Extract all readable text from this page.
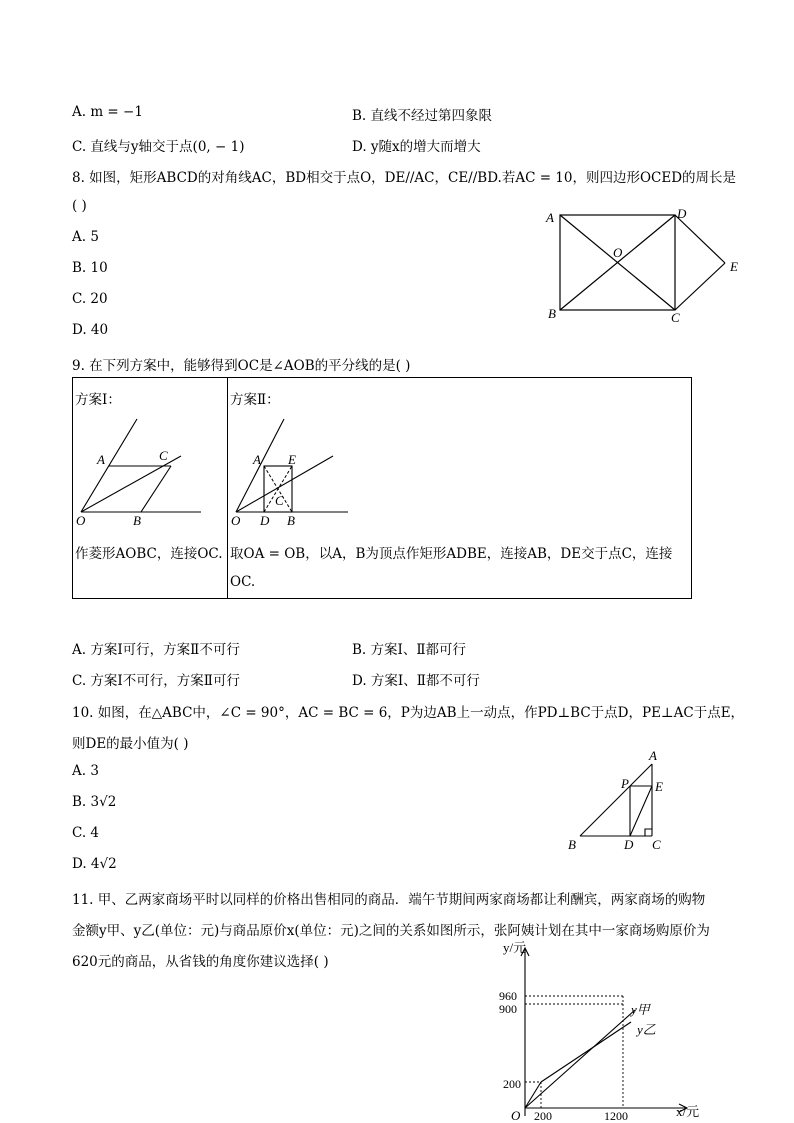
A. m = −1	B. 直线不经过第四象限
C. 直线与y轴交于点(0, − 1)	D. y随x的增大而增大
8. 如图，矩形ABCD的对角线AC，BD相交于点O，DE//AC，CE//BD.若AC = 10，则四边形OCED的周长是
( )
A. 5
B. 10
C. 20
D. 40
A	D
O
E
B	C
9. 在下列方案中，能够得到OC是∠AOB的平分线的是( )
方案Ⅰ：
A	C
O	B
作菱形AOBC，连接OC.

方案Ⅱ：
A E
C
O D B
取OA = OB，以A，B为顶点作矩形ADBE，连接AB，DE交于点C，连接
OC.
A. 方案Ⅰ可行，方案Ⅱ不可行	B. 方案Ⅰ、Ⅱ都可行
C. 方案Ⅰ不可行，方案Ⅱ可行	D. 方案Ⅰ、Ⅱ都不可行
10. 如图，在△ABC中，∠C = 90°，AC = BC = 6，P为边AB上一动点，作PD⊥BC于点D，PE⊥AC于点E，
则DE的最小值为( )
A. 3
B. 3√2
C. 4
D. 4√2
A
P E
B	D C
11. 甲、乙两家商场平时以同样的价格出售相同的商品．端午节期间两家商场都让利酬宾，两家商场的购物
金额y甲、y乙(单位：元)与商品原价x(单位：元)之间的关系如图所示，张阿姨计划在其中一家商场购原价为
620元的商品，从省钱的角度你建议选择( )
y/元
x/元
O
960
900
200
200	1200
y甲
y乙
